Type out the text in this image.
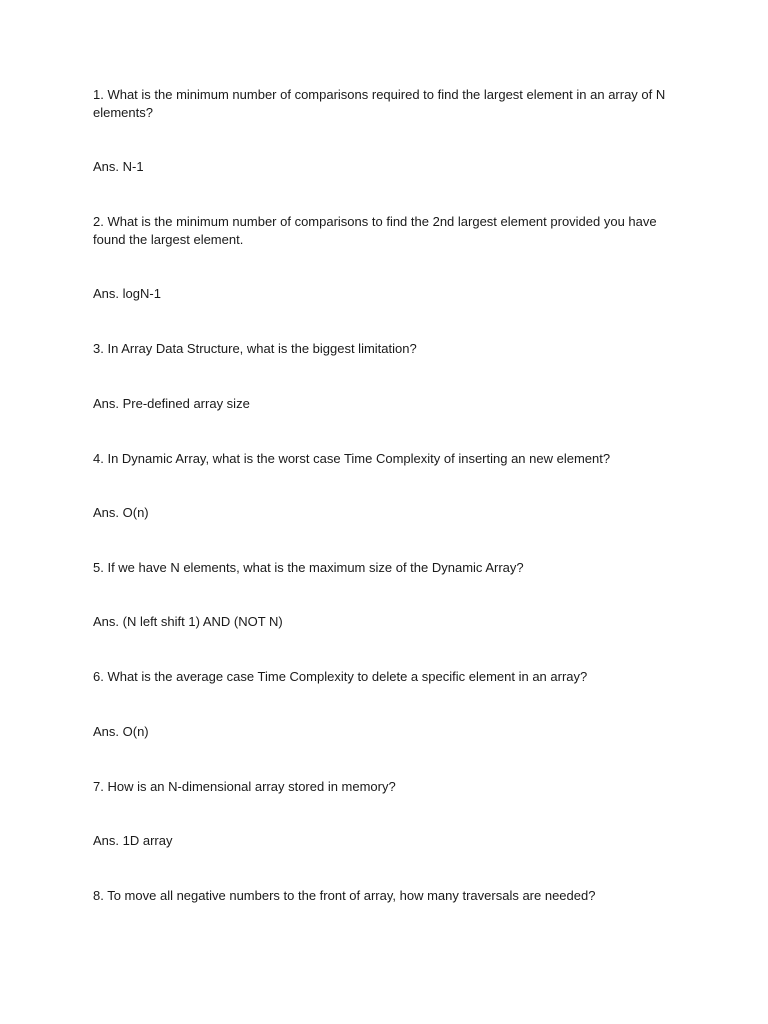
1. What is the minimum number of comparisons required to find the largest element in an array of N elements?
Ans. N-1
2. What is the minimum number of comparisons to find the 2nd largest element provided you have found the largest element.
Ans. logN-1
3. In Array Data Structure, what is the biggest limitation?
Ans. Pre-defined array size
4. In Dynamic Array, what is the worst case Time Complexity of inserting an new element?
Ans. O(n)
5. If we have N elements, what is the maximum size of the Dynamic Array?
Ans. (N left shift 1) AND (NOT N)
6. What is the average case Time Complexity to delete a specific element in an array?
Ans. O(n)
7. How is an N-dimensional array stored in memory?
Ans. 1D array
8. To move all negative numbers to the front of array, how many traversals are needed?
